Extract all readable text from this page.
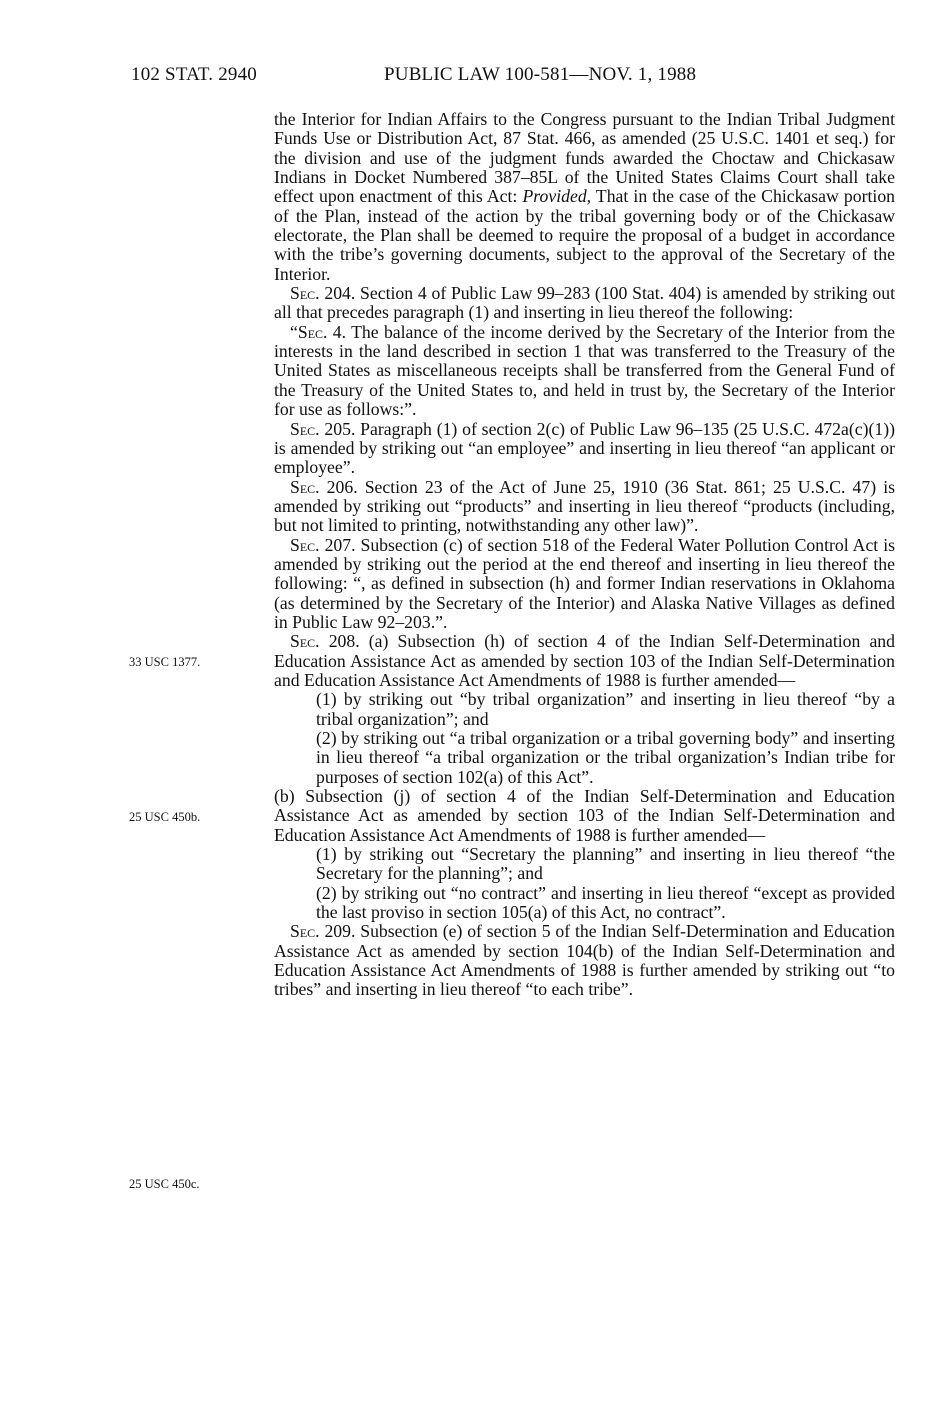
102 STAT. 2940	PUBLIC LAW 100-581—NOV. 1, 1988
33 USC 1377.
25 USC 450b.
25 USC 450c.

the Interior for Indian Affairs to the Congress pursuant to the Indian Tribal Judgment Funds Use or Distribution Act, 87 Stat. 466, as amended (25 U.S.C. 1401 et seq.) for the division and use of the judgment funds awarded the Choctaw and Chickasaw Indians in Docket Numbered 387–85L of the United States Claims Court shall take effect upon enactment of this Act: Provided, That in the case of the Chickasaw portion of the Plan, instead of the action by the tribal governing body or of the Chickasaw electorate, the Plan shall be deemed to require the proposal of a budget in accordance with the tribe’s governing documents, subject to the approval of the Secretary of the Interior.

Sec. 204. Section 4 of Public Law 99–283 (100 Stat. 404) is amended by striking out all that precedes paragraph (1) and inserting in lieu thereof the following:

“Sec. 4. The balance of the income derived by the Secretary of the Interior from the interests in the land described in section 1 that was transferred to the Treasury of the United States as miscellaneous receipts shall be transferred from the General Fund of the Treasury of the United States to, and held in trust by, the Secretary of the Interior for use as follows:”.

Sec. 205. Paragraph (1) of section 2(c) of Public Law 96–135 (25 U.S.C. 472a(c)(1)) is amended by striking out “an employee” and inserting in lieu thereof “an applicant or employee”.

Sec. 206. Section 23 of the Act of June 25, 1910 (36 Stat. 861; 25 U.S.C. 47) is amended by striking out “products” and inserting in lieu thereof “products (including, but not limited to printing, notwithstanding any other law)”.

Sec. 207. Subsection (c) of section 518 of the Federal Water Pollution Control Act is amended by striking out the period at the end thereof and inserting in lieu thereof the following: “, as defined in subsection (h) and former Indian reservations in Oklahoma (as determined by the Secretary of the Interior) and Alaska Native Villages as defined in Public Law 92–203.”.

Sec. 208. (a) Subsection (h) of section 4 of the Indian Self-Determination and Education Assistance Act as amended by section 103 of the Indian Self-Determination and Education Assistance Act Amendments of 1988 is further amended—

(1) by striking out “by tribal organization” and inserting in lieu thereof “by a tribal organization”; and

(2) by striking out “a tribal organization or a tribal governing body” and inserting in lieu thereof “a tribal organization or the tribal organization’s Indian tribe for purposes of section 102(a) of this Act”.

(b) Subsection (j) of section 4 of the Indian Self-Determination and Education Assistance Act as amended by section 103 of the Indian Self-Determination and Education Assistance Act Amendments of 1988 is further amended—

(1) by striking out “Secretary the planning” and inserting in lieu thereof “the Secretary for the planning”; and

(2) by striking out “no contract” and inserting in lieu thereof “except as provided the last proviso in section 105(a) of this Act, no contract”.

Sec. 209. Subsection (e) of section 5 of the Indian Self-Determination and Education Assistance Act as amended by section 104(b) of the Indian Self-Determination and Education Assistance Act Amendments of 1988 is further amended by striking out “to tribes” and inserting in lieu thereof “to each tribe”.
